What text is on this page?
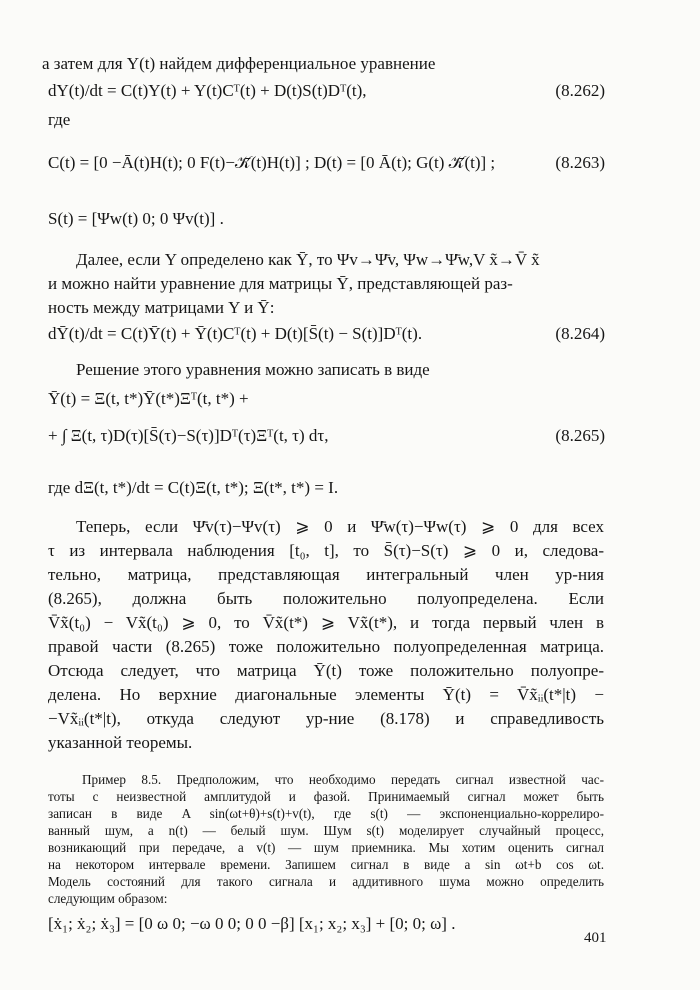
а затем для Y(t) найдем дифференциальное уравнение
dY(t)/dt = C(t)Y(t) + Y(t)Cᵀ(t) + D(t)S(t)Dᵀ(t),	(8.262)
где
C(t) = [0 −Ā(t)H(t); 0 F(t)−𝒦̄(t)H(t)] ; D(t) = [0 Ā(t); G(t) 𝒦̄(t)] ;	(8.263)
S(t) = [Ψw(t) 0; 0 Ψv(t)] .
Далее, если Y определено как Ȳ, то Ψv→Ψ̄v, Ψw→Ψ̄w,V x̃→V̄ x̃
и можно найти уравнение для матрицы Ȳ, представляющей раз-
ность между матрицами Y и Ȳ:
dȲ(t)/dt = C(t)Ȳ(t) + Ȳ(t)Cᵀ(t) + D(t)[S̄(t) − S(t)]Dᵀ(t).	(8.264)
Решение этого уравнения можно записать в виде
Ȳ(t) = Ξ(t, t*)Ȳ(t*)Ξᵀ(t, t*) +
+ ∫ Ξ(t, τ)D(τ)[S̄(τ)−S(τ)]Dᵀ(τ)Ξᵀ(t, τ) dτ,	(8.265)
где dΞ(t, t*)/dt = C(t)Ξ(t, t*); Ξ(t*, t*) = I.
Теперь, если Ψ̄v(τ)−Ψv(τ) ⩾ 0 и Ψ̄w(τ)−Ψw(τ) ⩾ 0 для всех
τ из интервала наблюдения [t₀, t], то S̄(τ)−S(τ) ⩾ 0 и, следова-
тельно, матрица, представляющая интегральный член ур-ния
(8.265), должна быть положительно полуопределена. Если
V̄x̃(t₀) − Vx̃(t₀) ⩾ 0, то V̄x̃(t*) ⩾ Vx̃(t*), и тогда первый член в
правой части (8.265) тоже положительно полуопределенная матрица.
Отсюда следует, что матрица Ȳ(t) тоже положительно полуопре-
делена. Но верхние диагональные элементы Ȳ(t) = V̄x̃ᵢᵢ(t*|t) −
−Vx̃ᵢᵢ(t*|t), откуда следуют ур-ние (8.178) и справедливость
указанной теоремы.
Пример 8.5. Предположим, что необходимо передать сигнал известной час-
тоты с неизвестной амплитудой и фазой. Принимаемый сигнал может быть
записан в виде A sin(ωt+θ)+s(t)+v(t), где s(t) — экспоненциально-коррелиро-
ванный шум, а n(t) — белый шум. Шум s(t) моделирует случайный процесс,
возникающий при передаче, а v(t) — шум приемника. Мы хотим оценить сигнал
на некотором интервале времени. Запишем сигнал в виде a sin ωt+b cos ωt.
Модель состояний для такого сигнала и аддитивного шума можно определить
следующим образом:
[ẋ₁; ẋ₂; ẋ₃] = [0 ω 0; −ω 0 0; 0 0 −β] [x₁; x₂; x₃] + [0; 0; ω] .
401
